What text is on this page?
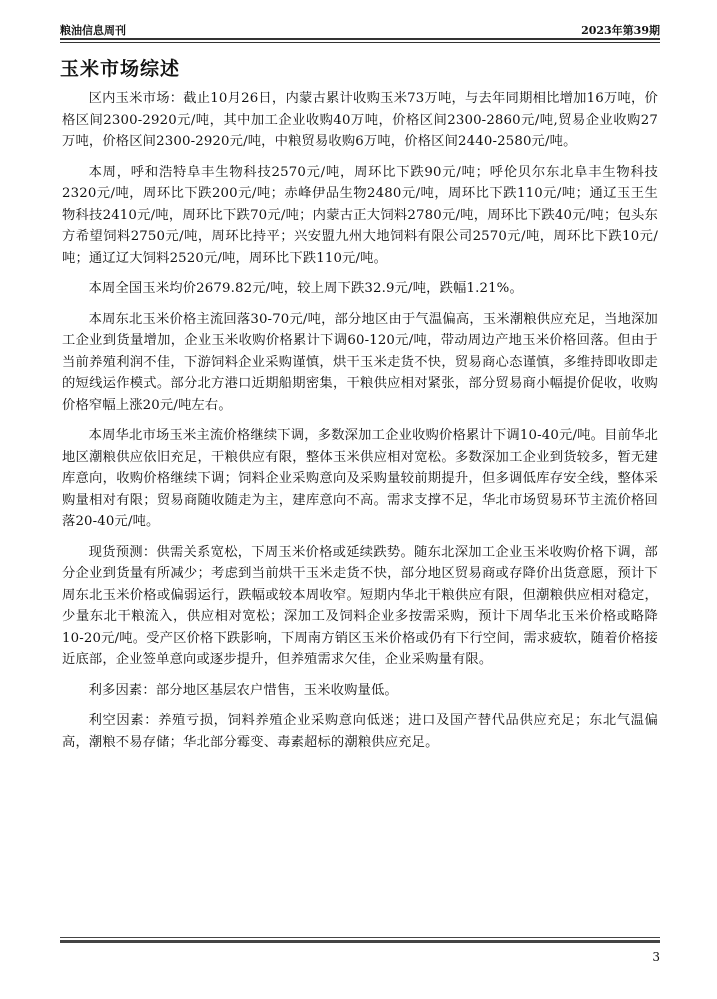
粮油信息周刊	2023年第39期
玉米市场综述

区内玉米市场：截止10月26日，内蒙古累计收购玉米73万吨，与去年同期相比增加16万吨，价格区间2300-2920元/吨，其中加工企业收购40万吨，价格区间2300-2860元/吨,贸易企业收购27万吨，价格区间2300-2920元/吨，中粮贸易收购6万吨，价格区间2440-2580元/吨。

本周，呼和浩特阜丰生物科技2570元/吨，周环比下跌90元/吨；呼伦贝尔东北阜丰生物科技2320元/吨，周环比下跌200元/吨；赤峰伊品生物2480元/吨，周环比下跌110元/吨；通辽玉王生物科技2410元/吨，周环比下跌70元/吨；内蒙古正大饲料2780元/吨，周环比下跌40元/吨；包头东方希望饲料2750元/吨，周环比持平；兴安盟九州大地饲料有限公司2570元/吨，周环比下跌10元/吨；通辽辽大饲料2520元/吨，周环比下跌110元/吨。

本周全国玉米均价2679.82元/吨，较上周下跌32.9元/吨，跌幅1.21%。

本周东北玉米价格主流回落30-70元/吨，部分地区由于气温偏高，玉米潮粮供应充足，当地深加工企业到货量增加，企业玉米收购价格累计下调60-120元/吨，带动周边产地玉米价格回落。但由于当前养殖利润不佳，下游饲料企业采购谨慎，烘干玉米走货不快，贸易商心态谨慎，多维持即收即走的短线运作模式。部分北方港口近期船期密集，干粮供应相对紧张，部分贸易商小幅提价促收，收购价格窄幅上涨20元/吨左右。

本周华北市场玉米主流价格继续下调，多数深加工企业收购价格累计下调10-40元/吨。目前华北地区潮粮供应依旧充足，干粮供应有限，整体玉米供应相对宽松。多数深加工企业到货较多，暂无建库意向，收购价格继续下调；饲料企业采购意向及采购量较前期提升，但多调低库存安全线，整体采购量相对有限；贸易商随收随走为主，建库意向不高。需求支撑不足，华北市场贸易环节主流价格回落20-40元/吨。

现货预测：供需关系宽松，下周玉米价格或延续跌势。随东北深加工企业玉米收购价格下调，部分企业到货量有所减少；考虑到当前烘干玉米走货不快，部分地区贸易商或存降价出货意愿，预计下周东北玉米价格或偏弱运行，跌幅或较本周收窄。短期内华北干粮供应有限，但潮粮供应相对稳定，少量东北干粮流入，供应相对宽松；深加工及饲料企业多按需采购，预计下周华北玉米价格或略降10-20元/吨。受产区价格下跌影响，下周南方销区玉米价格或仍有下行空间，需求疲软，随着价格接近底部，企业签单意向或逐步提升，但养殖需求欠佳，企业采购量有限。

利多因素：部分地区基层农户惜售，玉米收购量低。

利空因素：养殖亏损，饲料养殖企业采购意向低迷；进口及国产替代品供应充足；东北气温偏高，潮粮不易存储；华北部分霉变、毒素超标的潮粮供应充足。

3
